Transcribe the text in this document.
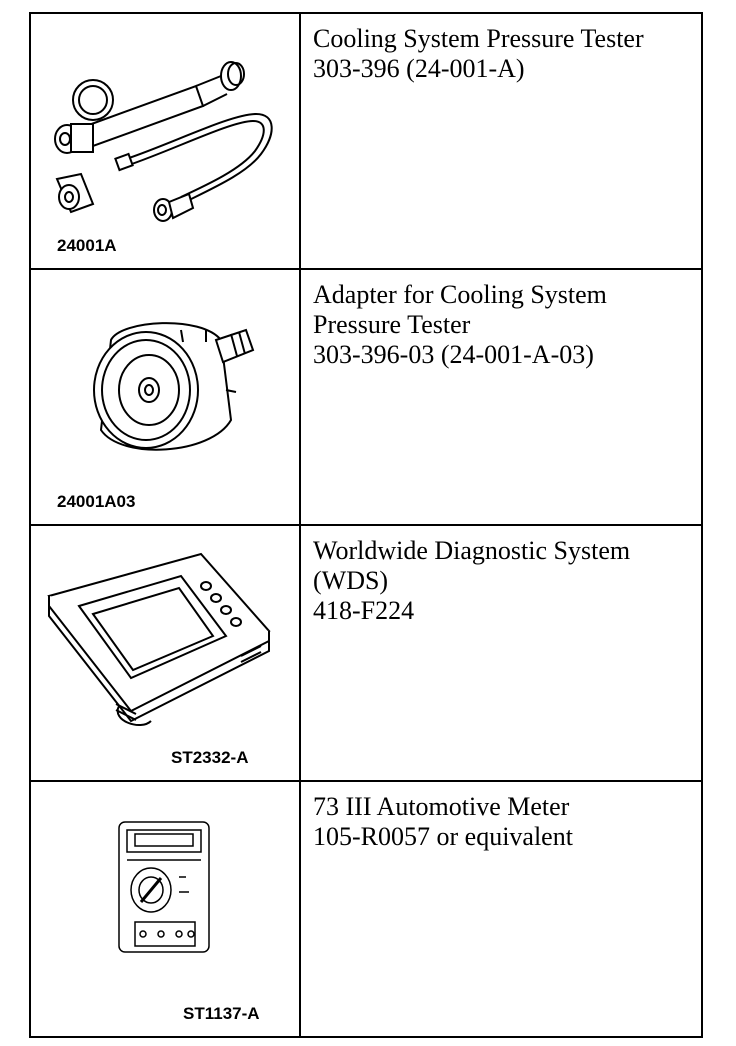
24001A	Cooling System Pressure Tester
303-396 (24-001-A)

24001A03	Adapter for Cooling System
Pressure Tester
303-396-03 (24-001-A-03)

ST2332-A	Worldwide Diagnostic System
(WDS)
418-F224

ST1137-A	73 III Automotive Meter
105-R0057 or equivalent
